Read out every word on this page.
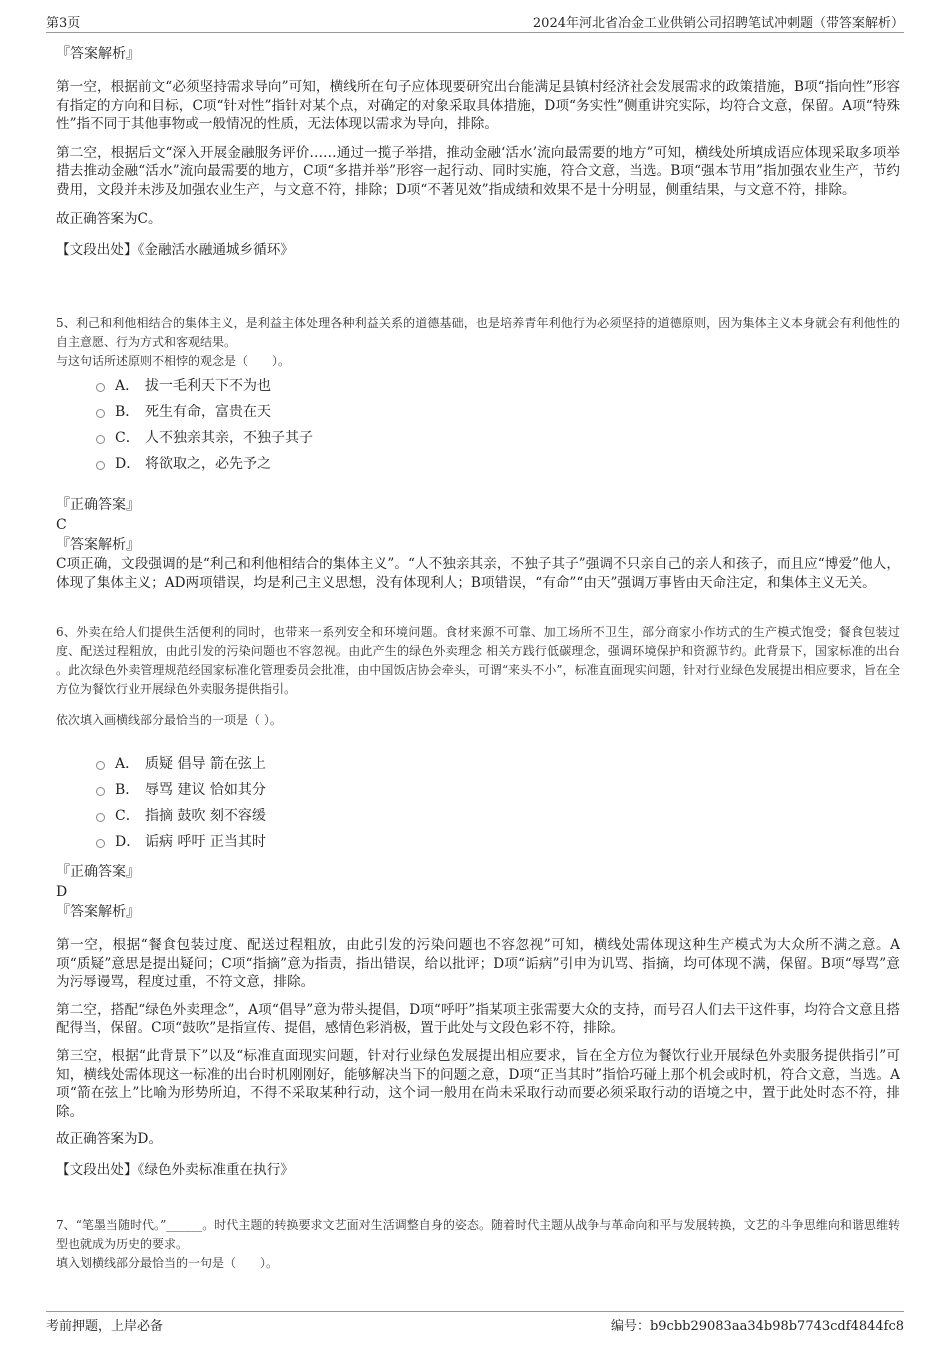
第3页	2024年河北省冶金工业供销公司招聘笔试冲刺题（带答案解析）
『答案解析』

第一空，根据前文“必须坚持需求导向”可知，横线所在句子应体现要研究出台能满足县镇村经济社会发展需求的政策措施，B项“指向性”形容有指定的方向和目标，C项“针对性”指针对某个点，对确定的对象采取具体措施，D项“务实性”侧重讲究实际，均符合文意，保留。A项“特殊性”指不同于其他事物或一般情况的性质，无法体现以需求为导向，排除。

第二空，根据后文“深入开展金融服务评价……通过一揽子举措，推动金融‘活水’流向最需要的地方”可知，横线处所填成语应体现采取多项举措去推动金融“活水”流向最需要的地方，C项“多措并举”形容一起行动、同时实施，符合文意，当选。B项“强本节用”指加强农业生产，节约费用，文段并未涉及加强农业生产，与文意不符，排除；D项“不著见效”指成绩和效果不是十分明显，侧重结果，与文意不符，排除。

故正确答案为C。

【文段出处】《金融活水融通城乡循环》

5、利己和利他相结合的集体主义，是利益主体处理各种利益关系的道德基础，也是培养青年利他行为必须坚持的道德原则，因为集体主义本身就会有利他性的自主意愿、行为方式和客观结果。

与这句话所述原则不相悖的观念是（　　）。

A． 拔一毛利天下不为也
B． 死生有命，富贵在天
C． 人不独亲其亲，不独子其子
D． 将欲取之，必先予之
『正确答案』
C
『答案解析』

C项正确，文段强调的是“利己和利他相结合的集体主义”。“人不独亲其亲，不独子其子”强调不只亲自己的亲人和孩子，而且应“博爱”他人，体现了集体主义；AD两项错误，均是利己主义思想，没有体现利人；B项错误，“有命”“由天”强调万事皆由天命注定，和集体主义无关。

6、外卖在给人们提供生活便利的同时，也带来一系列安全和环境问题。食材来源不可靠、加工场所不卫生，部分商家小作坊式的生产模式饱受；餐食包装过度、配送过程粗放，由此引发的污染问题也不容忽视。由此产生的绿色外卖理念 相关方践行低碳理念，强调环境保护和资源节约。此背景下，国家标准的出台 。此次绿色外卖管理规范经国家标准化管理委员会批准，由中国饭店协会牵头，可谓“来头不小”，标准直面现实问题，针对行业绿色发展提出相应要求，旨在全方位为餐饮行业开展绿色外卖服务提供指引。

依次填入画横线部分最恰当的一项是（ ）。

A． 质疑 倡导 箭在弦上
B． 辱骂 建议 恰如其分
C． 指摘 鼓吹 刻不容缓
D． 诟病 呼吁 正当其时
『正确答案』
D
『答案解析』

第一空，根据“餐食包装过度、配送过程粗放，由此引发的污染问题也不容忽视”可知，横线处需体现这种生产模式为大众所不满之意。A项“质疑”意思是提出疑问；C项“指摘”意为指责，指出错误，给以批评；D项“诟病”引申为讥骂、指摘，均可体现不满，保留。B项“辱骂”意为污辱谩骂，程度过重，不符文意，排除。

第二空，搭配“绿色外卖理念”，A项“倡导”意为带头提倡，D项“呼吁”指某项主张需要大众的支持，而号召人们去干这件事，均符合文意且搭配得当，保留。C项“鼓吹”是指宣传、提倡，感情色彩消极，置于此处与文段色彩不符，排除。

第三空，根据“此背景下”以及“标准直面现实问题，针对行业绿色发展提出相应要求，旨在全方位为餐饮行业开展绿色外卖服务提供指引”可知，横线处需体现这一标准的出台时机刚刚好，能够解决当下的问题之意，D项“正当其时”指恰巧碰上那个机会或时机，符合文意，当选。A项“箭在弦上”比喻为形势所迫，不得不采取某种行动，这个词一般用在尚未采取行动而要必须采取行动的语境之中，置于此处时态不符，排除。

故正确答案为D。

【文段出处】《绿色外卖标准重在执行》

7、“笔墨当随时代。”______。时代主题的转换要求文艺面对生活调整自身的姿态。随着时代主题从战争与革命向和平与发展转换，文艺的斗争思维向和谐思维转型也就成为历史的要求。

填入划横线部分最恰当的一句是（　　）。

考前押题，上岸必备	编号：b9cbb29083aa34b98b7743cdf4844fc8
